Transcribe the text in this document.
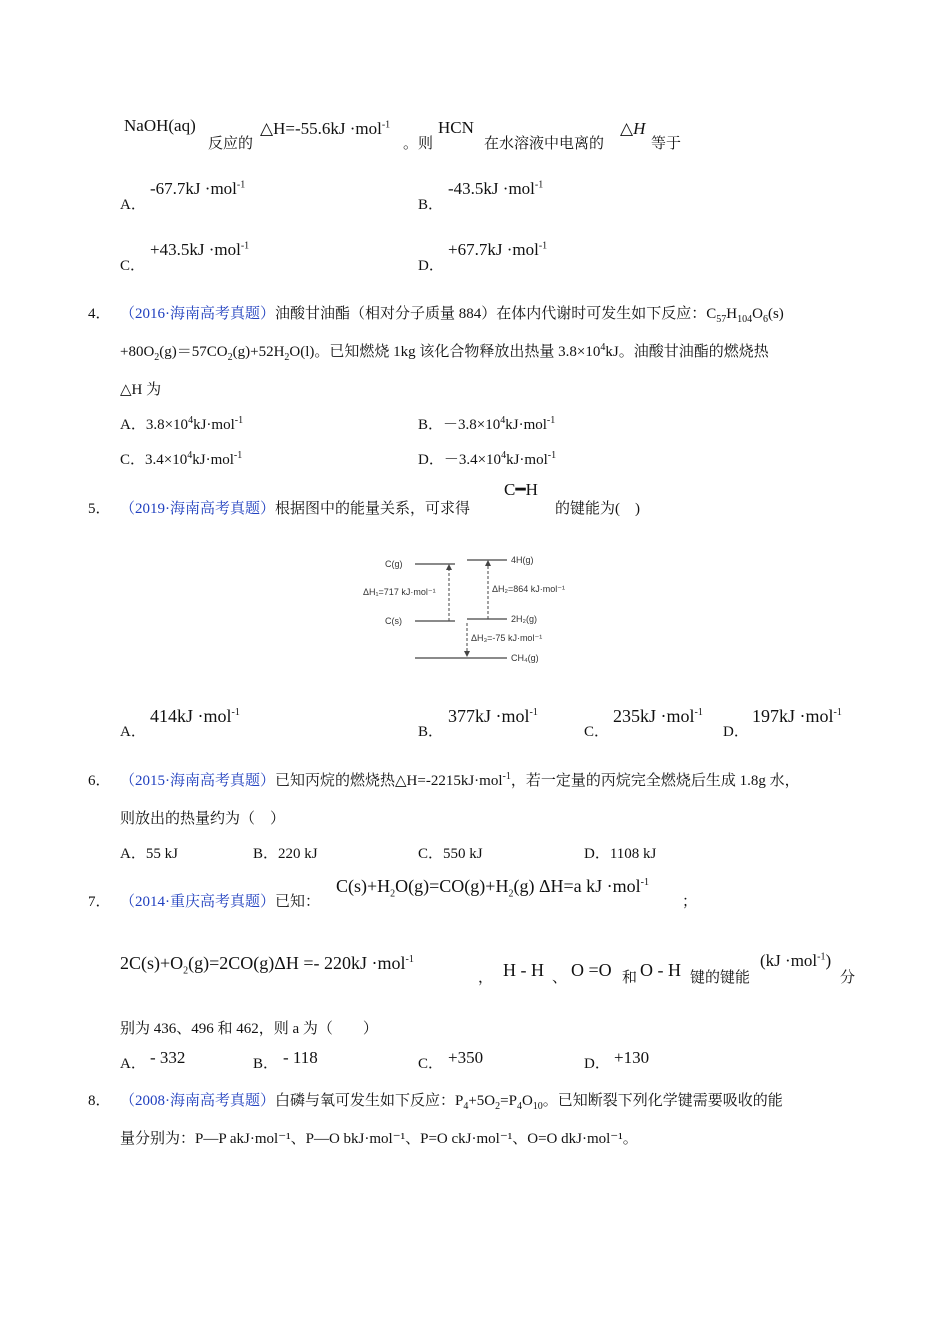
NaOH(aq)
反应的
△H=-55.6kJ ·mol$^{-1}$
。则
HCN
在水溶液中电离的
△H
等于
A．
-67.7kJ ·mol$^{-1}$
B．
-43.5kJ ·mol$^{-1}$
C．
+43.5kJ ·mol$^{-1}$
D．
+67.7kJ ·mol$^{-1}$
4． （2016·海南高考真题）油酸甘油酯（相对分子质量 884）在体内代谢时可发生如下反应：$C_{57}H_{104}O_6(s)$
$+80O_2(g)=57CO_2(g)+52H_2O(l)$。已知燃烧 1kg 该化合物释放出热量 $3.8\times 10^4kJ$。油酸甘油酯的燃烧热
△H 为
A．$3.8\times 10^4kJ\cdot mol^{-1}$	B．$-3.8\times 10^4kJ\cdot mol^{-1}$
C．$3.4\times 10^4kJ\cdot mol^{-1}$	D．$-3.4\times 10^4kJ\cdot mol^{-1}$
5． （2019·海南高考真题）根据图中的能量关系，可求得
C━H
的键能为(　)
C(g)	4H(g)
ΔH₁=717 kJ·mol⁻¹	ΔH₂=864 kJ·mol⁻¹
C(s)	2H₂(g)
ΔH₃=-75 kJ·mol⁻¹
CH₄(g)
A．
414kJ ·mol$^{-1}$
B．
377kJ ·mol$^{-1}$
C．
235kJ ·mol$^{-1}$
D．
197kJ ·mol$^{-1}$
6． （2015·海南高考真题）已知丙烷的燃烧热△H=-2215kJ·mol$^{-1}$，若一定量的丙烷完全燃烧后生成 1.8g 水，
则放出的热量约为（　）
A．55 kJ	B．220 kJ	C．550 kJ	D．1108 kJ
7． （2014·重庆高考真题）已知：
$C(s)+H_2O(g)=CO(g)+H_2(g)$ ΔH=a kJ ·mol$^{-1}$
；
$2C(s)+O_2(g)=2CO(g)\Delta H =- 220kJ \cdot mol^{-1}$
， H - H 、 O =O 和 O - H 键的键能
(kJ ·mol$^{-1}$)
分
别为 436、496 和 462，则 a 为（　　）
A． - 332	B． - 118	C． +350	D． +130
8． （2008·海南高考真题）白磷与氧可发生如下反应：$P_4+5O_2=P_4O_{10}$。已知断裂下列化学键需要吸收的能
量分别为：P—P akJ·mol⁻¹、P—O bkJ·mol⁻¹、P=O ckJ·mol⁻¹、O=O dkJ·mol⁻¹。
